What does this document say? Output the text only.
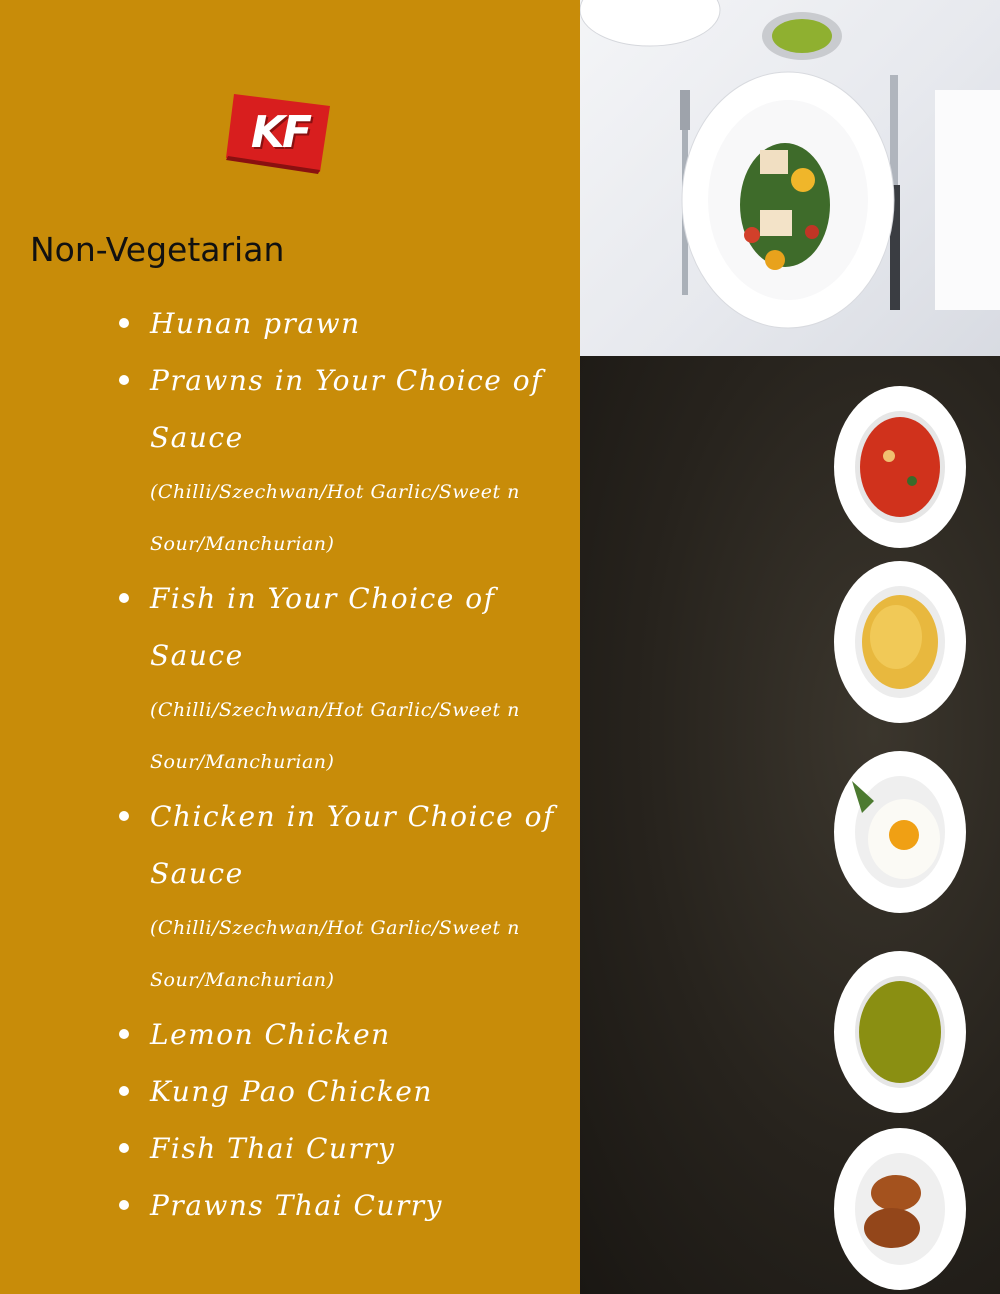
KF
Non-Vegetarian
Hunan prawn
Prawns in Your Choice of Sauce
(Chilli/Szechwan/Hot Garlic/Sweet n Sour/Manchurian)
Fish in Your Choice of Sauce
(Chilli/Szechwan/Hot Garlic/Sweet n Sour/Manchurian)
Chicken in Your Choice of Sauce
(Chilli/Szechwan/Hot Garlic/Sweet n Sour/Manchurian)
Lemon Chicken
Kung Pao Chicken
Fish Thai Curry
Prawns Thai Curry
